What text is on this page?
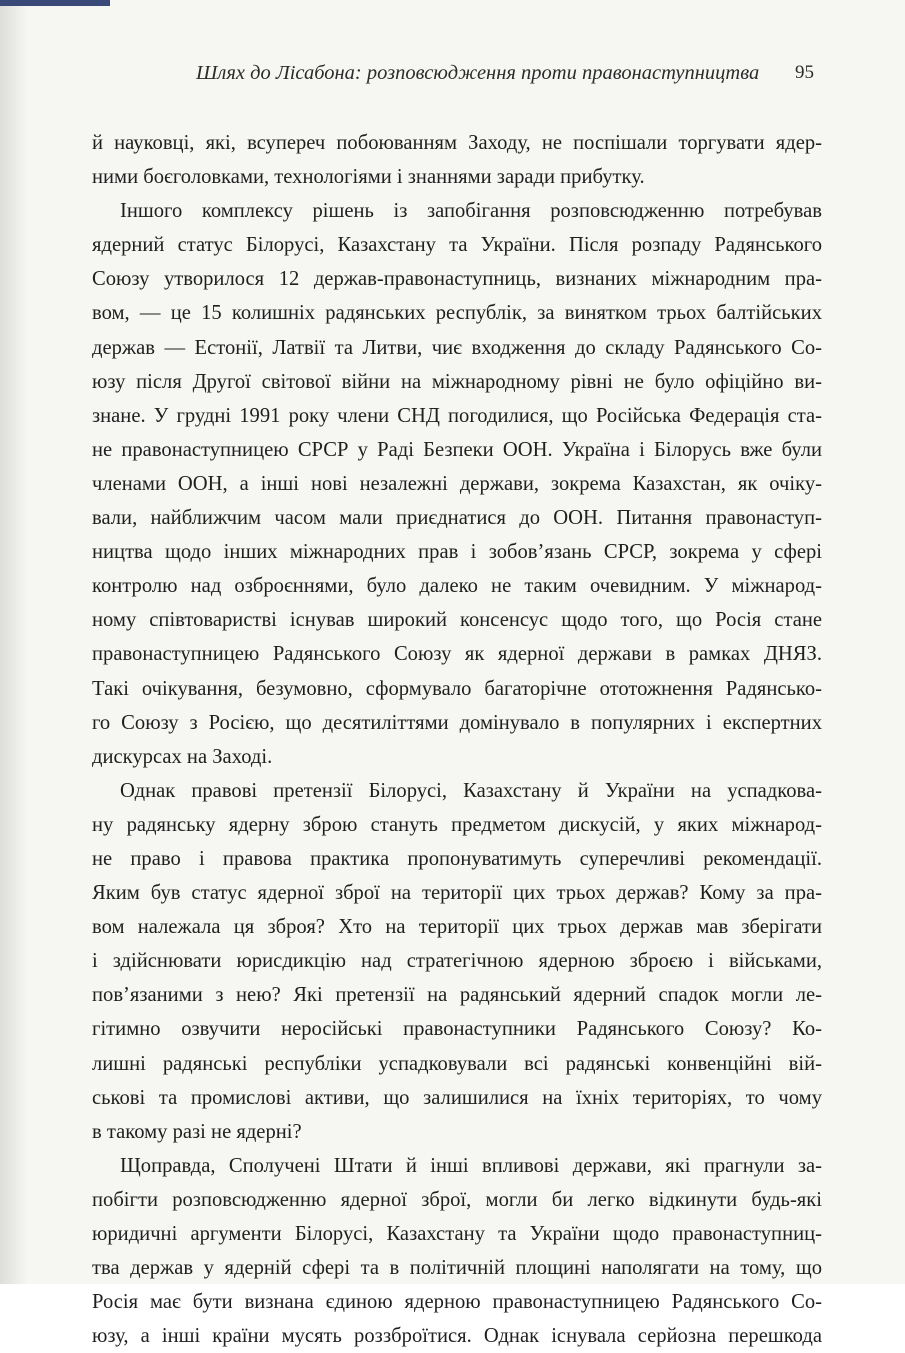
Шлях до Лісабона: розповсюдження проти правонаступництва 95
й науковці, які, всупереч побоюванням Заходу, не поспішали торгувати ядер-
ними боєголовками, технологіями і знаннями заради прибутку.
Іншого комплексу рішень із запобігання розповсюдженню потребував
ядерний статус Білорусі, Казахстану та України. Після розпаду Радянського
Союзу утворилося 12 держав-правонаступниць, визнаних міжнародним пра-
вом, — це 15 колишніх радянських республік, за винятком трьох балтійських
держав — Естонії, Латвії та Литви, чиє входження до складу Радянського Со-
юзу після Другої світової війни на міжнародному рівні не було офіційно ви-
знане. У грудні 1991 року члени СНД погодилися, що Російська Федерація ста-
не правонаступницею СРСР у Раді Безпеки ООН. Україна і Білорусь вже були
членами ООН, а інші нові незалежні держави, зокрема Казахстан, як очіку-
вали, найближчим часом мали приєднатися до ООН. Питання правонаступ-
ництва щодо інших міжнародних прав і зобов’язань СРСР, зокрема у сфері
контролю над озброєннями, було далеко не таким очевидним. У міжнарод-
ному співтоваристві існував широкий консенсус щодо того, що Росія стане
правонаступницею Радянського Союзу як ядерної держави в рамках ДНЯЗ.
Такі очікування, безумовно, сформувало багаторічне ототожнення Радянсько-
го Союзу з Росією, що десятиліттями домінувало в популярних і експертних
дискурсах на Заході.
Однак правові претензії Білорусі, Казахстану й України на успадкова-
ну радянську ядерну зброю стануть предметом дискусій, у яких міжнарод-
не право і правова практика пропонуватимуть суперечливі рекомендації.
Яким був статус ядерної зброї на території цих трьох держав? Кому за пра-
вом належала ця зброя? Хто на території цих трьох держав мав зберігати
і здійснювати юрисдикцію над стратегічною ядерною зброєю і військами,
пов’язаними з нею? Які претензії на радянський ядерний спадок могли ле-
гітимно озвучити неросійські правонаступники Радянського Союзу? Ко-
лишні радянські республіки успадковували всі радянські конвенційні вій-
ськові та промислові активи, що залишилися на їхніх територіях, то чому
в такому разі не ядерні?
Щоправда, Сполучені Штати й інші впливові держави, які прагнули за-
побігти розповсюдженню ядерної зброї, могли би легко відкинути будь-які
юридичні аргументи Білорусі, Казахстану та України щодо правонаступниц-
тва держав у ядерній сфері та в політичній площині наполягати на тому, що
Росія має бути визнана єдиною ядерною правонаступницею Радянського Со-
юзу, а інші країни мусять роззброїтися. Однак існувала серйозна перешкода
